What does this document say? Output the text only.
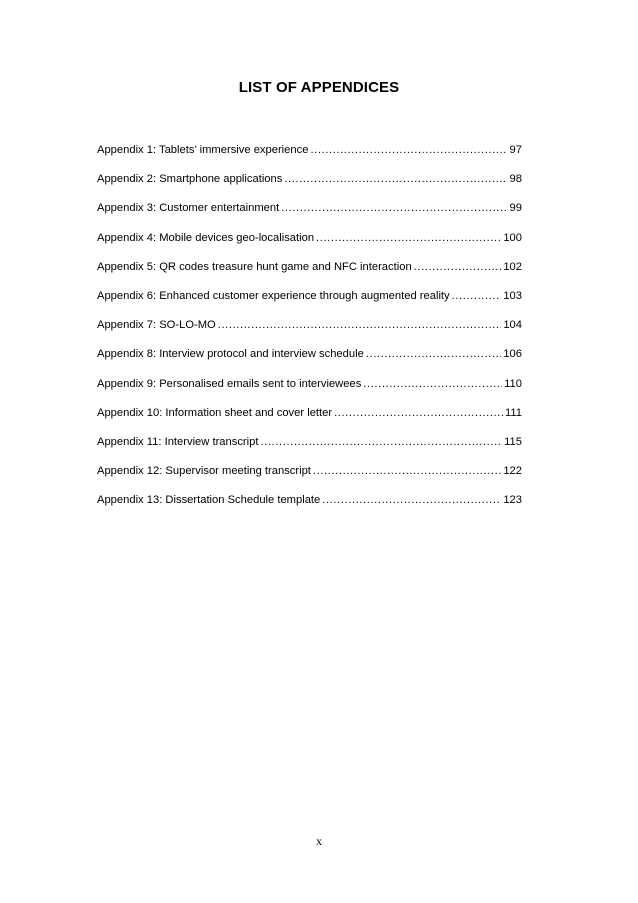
LIST OF APPENDICES
Appendix 1: Tablets’ immersive experience .....	97
Appendix 2: Smartphone applications .....	98
Appendix 3: Customer entertainment .....	99
Appendix 4: Mobile devices geo-localisation .....	100
Appendix 5: QR codes treasure hunt game and NFC interaction .....	102
Appendix 6: Enhanced customer experience through augmented reality .....	103
Appendix 7: SO-LO-MO .....	104
Appendix 8: Interview protocol and interview schedule .....	106
Appendix 9: Personalised emails sent to interviewees .....	110
Appendix 10: Information sheet and cover letter .....	111
Appendix 11: Interview transcript .....	115
Appendix 12: Supervisor meeting transcript .....	122
Appendix 13: Dissertation Schedule template .....	123
x
